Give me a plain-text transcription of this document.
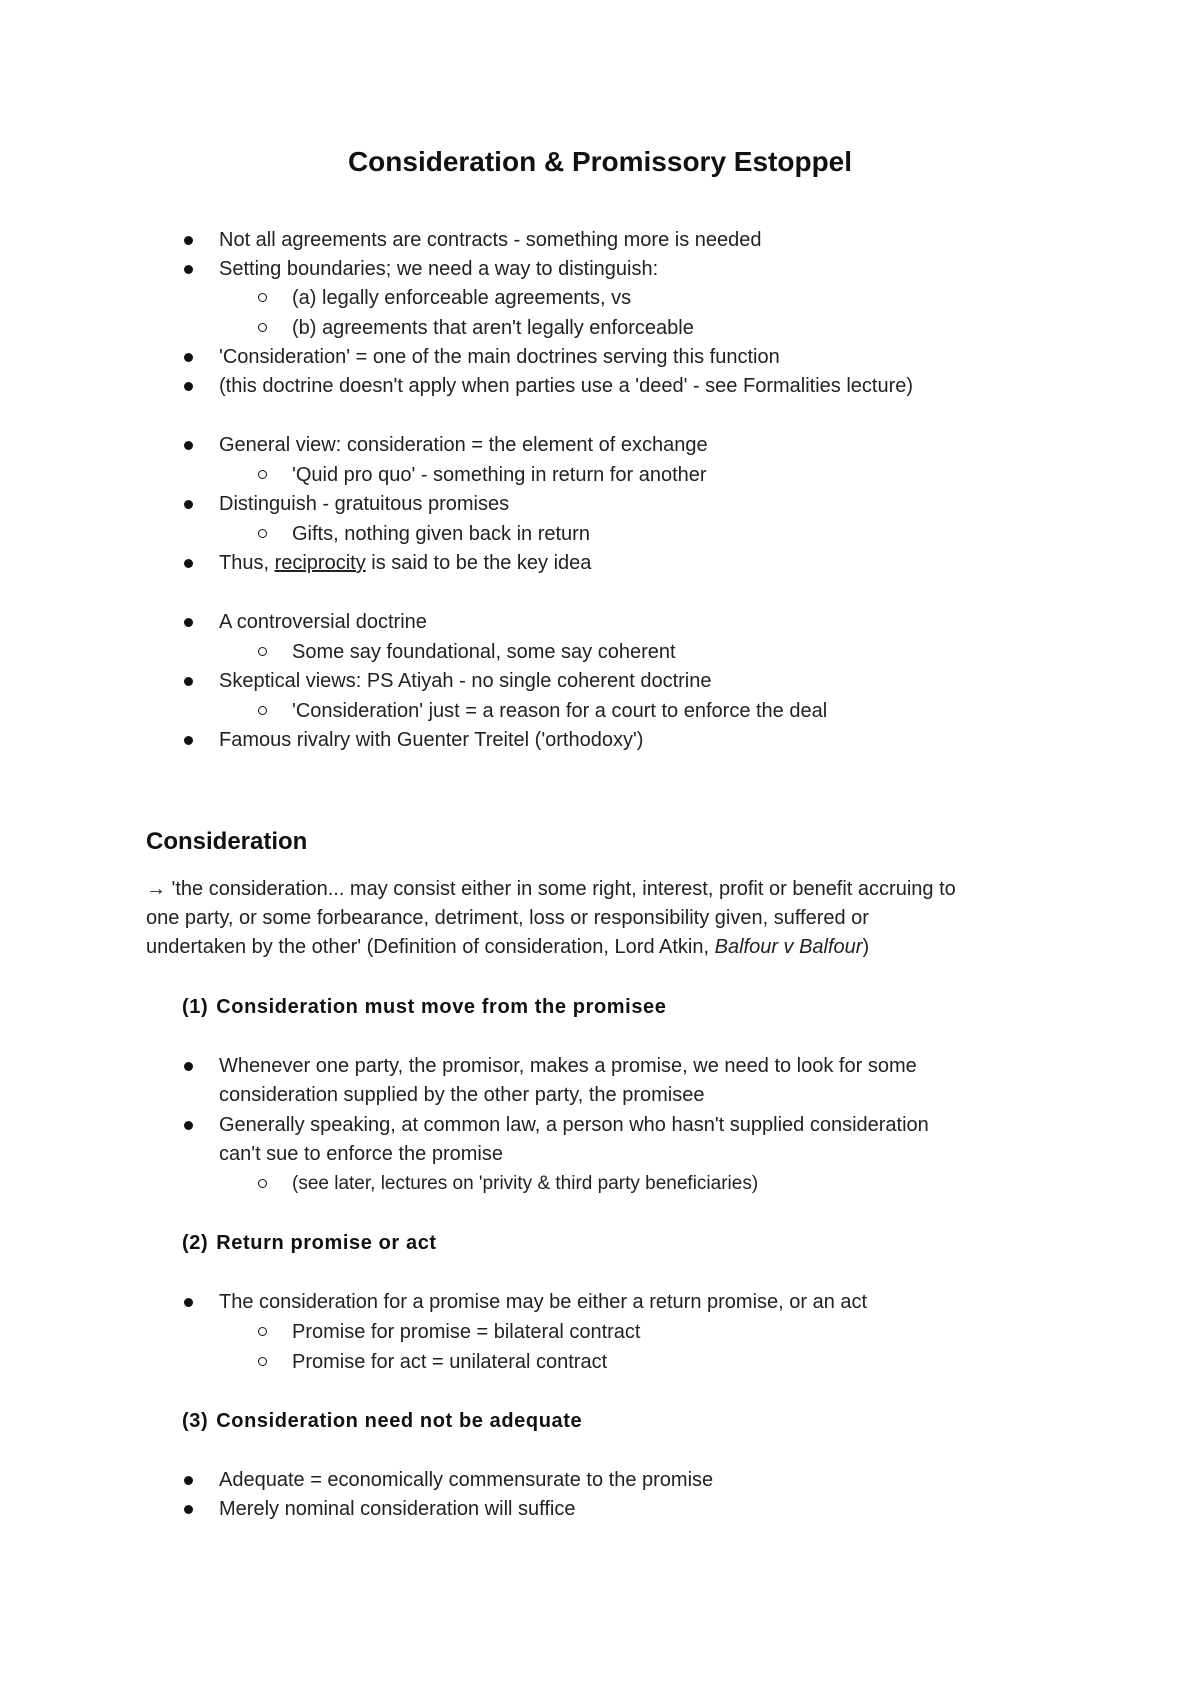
Consideration & Promissory Estoppel
Not all agreements are contracts - something more is needed
Setting boundaries; we need a way to distinguish:
(a) legally enforceable agreements, vs
(b) agreements that aren't legally enforceable
'Consideration' = one of the main doctrines serving this function
(this doctrine doesn't apply when parties use a 'deed' - see Formalities lecture)
General view: consideration = the element of exchange
'Quid pro quo' - something in return for another
Distinguish - gratuitous promises
Gifts, nothing given back in return
Thus, reciprocity is said to be the key idea
A controversial doctrine
Some say foundational, some say coherent
Skeptical views: PS Atiyah - no single coherent doctrine
'Consideration' just = a reason for a court to enforce the deal
Famous rivalry with Guenter Treitel ('orthodoxy')
Consideration
→ 'the consideration... may consist either in some right, interest, profit or benefit accruing to
one party, or some forbearance, detriment, loss or responsibility given, suffered or
undertaken by the other' (Definition of consideration, Lord Atkin, Balfour v Balfour)
(1) Consideration must move from the promisee
Whenever one party, the promisor, makes a promise, we need to look for some
consideration supplied by the other party, the promisee
Generally speaking, at common law, a person who hasn't supplied consideration
can't sue to enforce the promise
(see later, lectures on 'privity & third party beneficiaries)
(2) Return promise or act
The consideration for a promise may be either a return promise, or an act
Promise for promise = bilateral contract
Promise for act = unilateral contract
(3) Consideration need not be adequate
Adequate = economically commensurate to the promise
Merely nominal consideration will suffice
